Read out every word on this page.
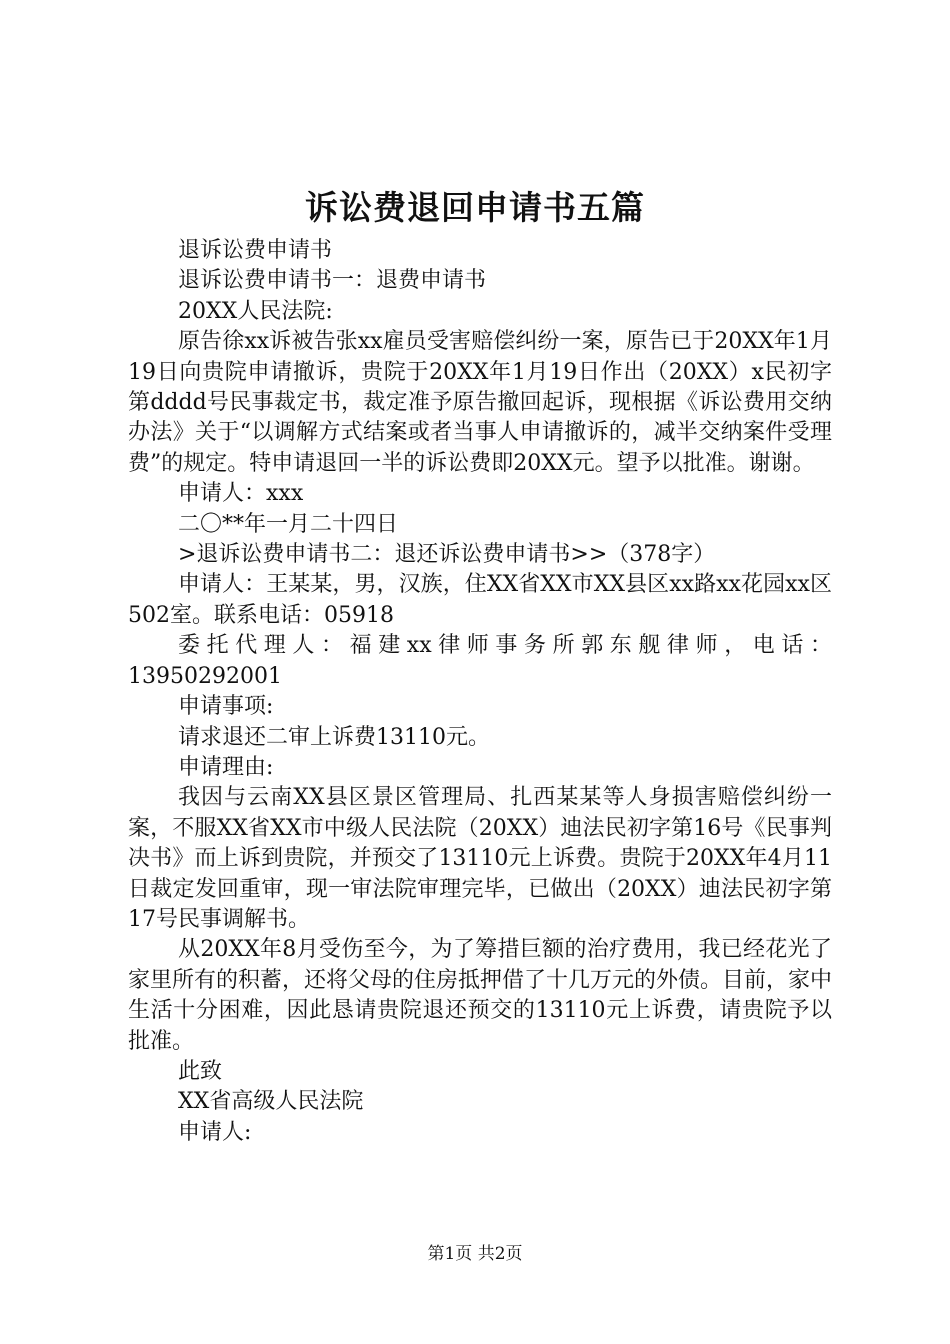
诉讼费退回申请书五篇

退诉讼费申请书

退诉讼费申请书一：退费申请书

20XX人民法院:

原告徐xx诉被告张xx雇员受害赔偿纠纷一案，原告已于20XX年1月19日向贵院申请撤诉，贵院于20XX年1月19日作出（20XX）x民初字第dddd号民事裁定书，裁定准予原告撤回起诉，现根据《诉讼费用交纳办法》关于“以调解方式结案或者当事人申请撤诉的，减半交纳案件受理费”的规定。特申请退回一半的诉讼费即20XX元。望予以批准。谢谢。

申请人：xxx

二〇**年一月二十四日

>退诉讼费申请书二：退还诉讼费申请书>>（378字）

申请人：王某某，男，汉族，住XX省XX市XX县区xx路xx花园xx区502室。联系电话：05918

委托代理人：福建xx律师事务所郭东舰律师，电话：13950292001

申请事项:

请求退还二审上诉费13110元。

申请理由:

我因与云南XX县区景区管理局、扎西某某等人身损害赔偿纠纷一案，不服XX省XX市中级人民法院（20XX）迪法民初字第16号《民事判决书》而上诉到贵院，并预交了13110元上诉费。贵院于20XX年4月11日裁定发回重审，现一审法院审理完毕，已做出（20XX）迪法民初字第17号民事调解书。

从20XX年8月受伤至今，为了筹措巨额的治疗费用，我已经花光了家里所有的积蓄，还将父母的住房抵押借了十几万元的外债。目前，家中生活十分困难，因此恳请贵院退还预交的13110元上诉费，请贵院予以批准。

此致

XX省高级人民法院

申请人:

第1页 共2页
